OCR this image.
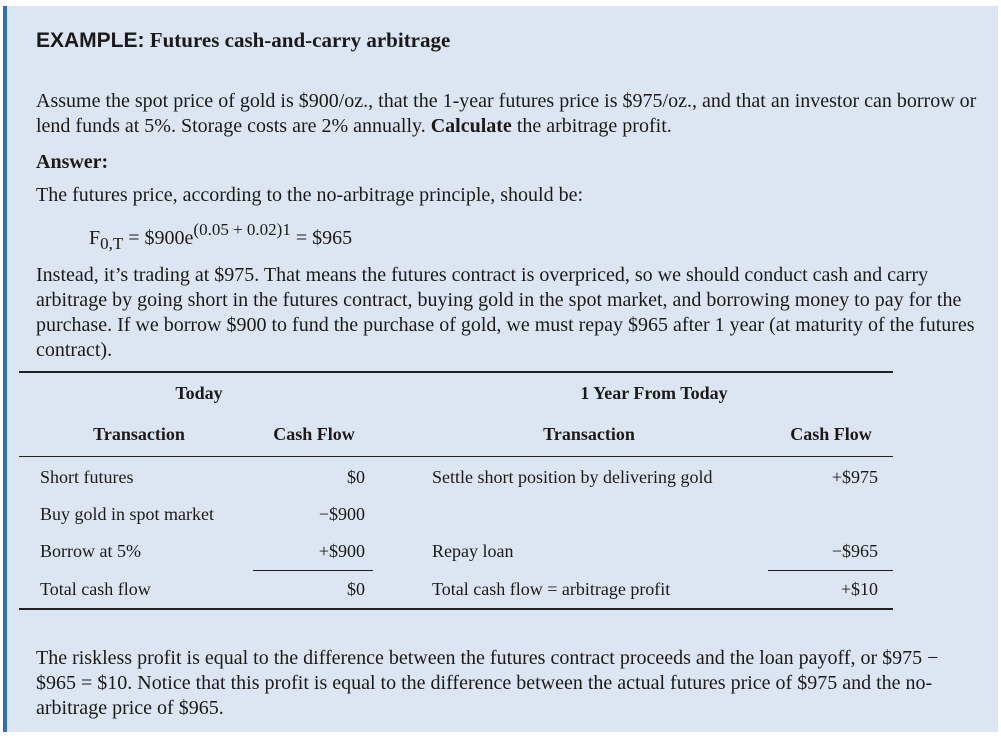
EXAMPLE: Futures cash-and-carry arbitrage

Assume the spot price of gold is $900/oz., that the 1-year futures price is $975/oz., and that an investor can borrow or lend funds at 5%. Storage costs are 2% annually. Calculate the arbitrage profit.

Answer:

The futures price, according to the no-arbitrage principle, should be:

$F_{0,T}$ = $\$900e^{(0.05 + 0.02)1}$ = $965

Instead, it’s trading at $975. That means the futures contract is overpriced, so we should conduct cash and carry arbitrage by going short in the futures contract, buying gold in the spot market, and borrowing money to pay for the purchase. If we borrow $900 to fund the purchase of gold, we must repay $965 after 1 year (at maturity of the futures contract).

Today	1 Year From Today
Transaction	Cash Flow	Transaction	Cash Flow
Short futures	$0	Settle short position by delivering gold	+$975
Buy gold in spot market	−$900
Borrow at 5%	+$900	Repay loan	−$965
Total cash flow	$0	Total cash flow = arbitrage profit	+$10

The riskless profit is equal to the difference between the futures contract proceeds and the loan payoff, or $975 − $965 = $10. Notice that this profit is equal to the difference between the actual futures price of $975 and the no-arbitrage price of $965.
